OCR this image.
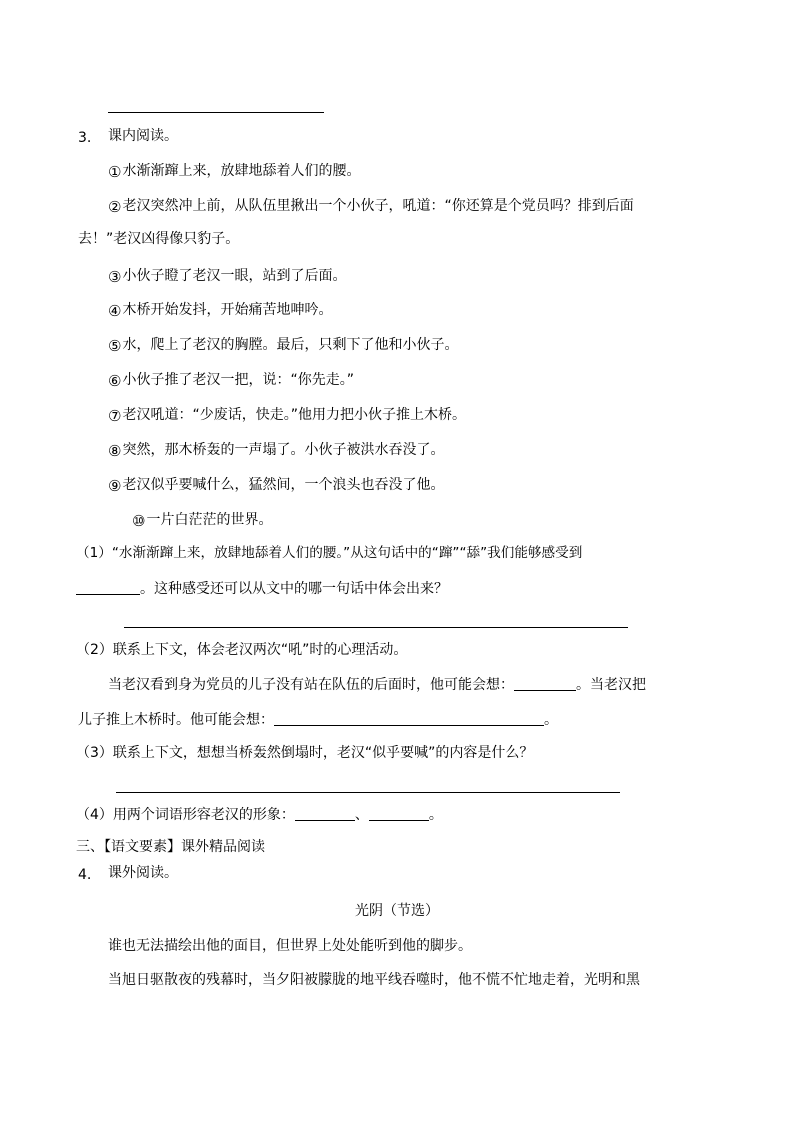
3. 课内阅读。
①水渐渐蹿上来，放肆地舔着人们的腰。
②老汉突然冲上前，从队伍里揪出一个小伙子，吼道：“你还算是个党员吗？排到后面
去！”老汉凶得像只豹子。
③小伙子瞪了老汉一眼，站到了后面。
④木桥开始发抖，开始痛苦地呻吟。
⑤水，爬上了老汉的胸膛。最后，只剩下了他和小伙子。
⑥小伙子推了老汉一把，说：“你先走。”
⑦老汉吼道：“少废话，快走。”他用力把小伙子推上木桥。
⑧突然，那木桥轰的一声塌了。小伙子被洪水吞没了。
⑨老汉似乎要喊什么，猛然间，一个浪头也吞没了他。
⑩一片白茫茫的世界。
（1）“水渐渐蹿上来，放肆地舔着人们的腰。”从这句话中的“蹿”“舔”我们能够感受到
。这种感受还可以从文中的哪一句话中体会出来？
（2）联系上下文，体会老汉两次“吼”时的心理活动。
当老汉看到身为党员的儿子没有站在队伍的后面时，他可能会想：	。当老汉把
儿子推上木桥时。他可能会想：	。
（3）联系上下文，想想当桥轰然倒塌时，老汉“似乎要喊”的内容是什么？
（4）用两个词语形容老汉的形象：	、	。
三、【语文要素】课外精品阅读
4. 课外阅读。
光阴（节选）
谁也无法描绘出他的面目，但世界上处处能听到他的脚步。
当旭日驱散夜的残幕时，当夕阳被朦胧的地平线吞噬时，他不慌不忙地走着，光明和黑
